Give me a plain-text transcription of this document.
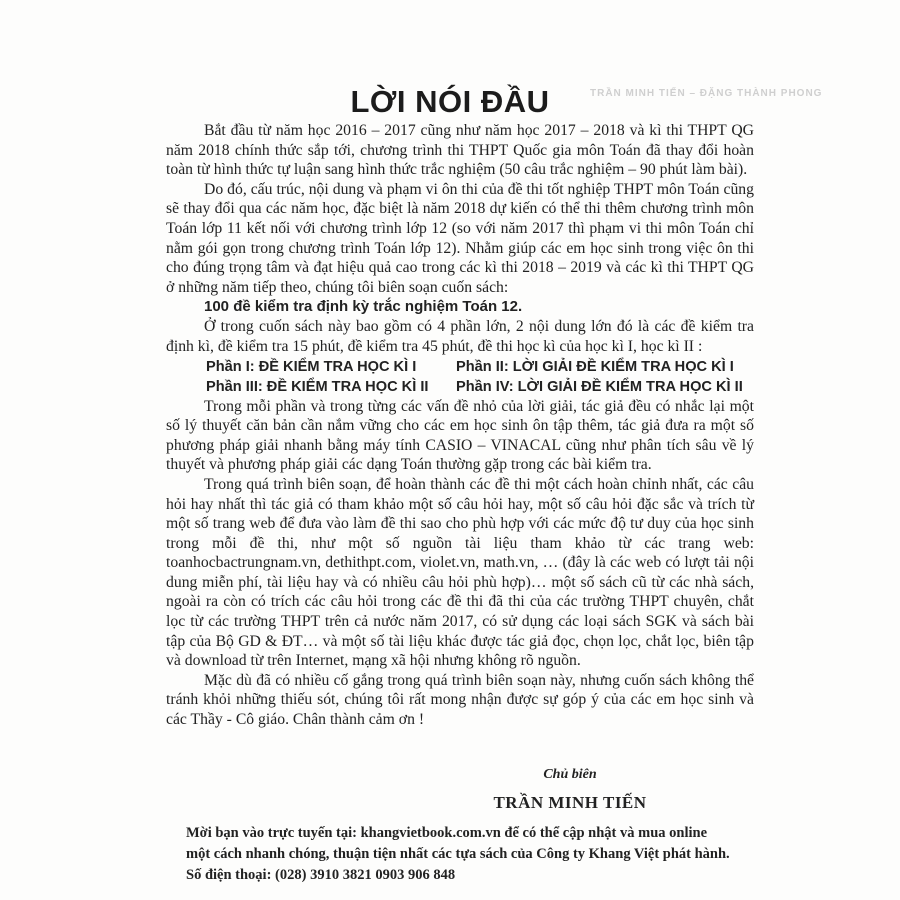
TRẦN MINH TIẾN – ĐẶNG THÀNH PHONG
LỜI NÓI ĐẦU

Bắt đầu từ năm học 2016 – 2017 cũng như năm học 2017 – 2018 và kì thi THPT QG năm 2018 chính thức sắp tới, chương trình thi THPT Quốc gia môn Toán đã thay đổi hoàn toàn từ hình thức tự luận sang hình thức trắc nghiệm (50 câu trắc nghiệm – 90 phút làm bài).

Do đó, cấu trúc, nội dung và phạm vi ôn thi của đề thi tốt nghiệp THPT môn Toán cũng sẽ thay đổi qua các năm học, đặc biệt là năm 2018 dự kiến có thể thi thêm chương trình môn Toán lớp 11 kết nối với chương trình lớp 12 (so với năm 2017 thì phạm vi thi môn Toán chỉ nằm gói gọn trong chương trình Toán lớp 12). Nhằm giúp các em học sinh trong việc ôn thi cho đúng trọng tâm và đạt hiệu quả cao trong các kì thi 2018 – 2019 và các kì thi THPT QG ở những năm tiếp theo, chúng tôi biên soạn cuốn sách:

100 đề kiểm tra định kỳ trắc nghiệm Toán 12.

Ở trong cuốn sách này bao gồm có 4 phần lớn, 2 nội dung lớn đó là các đề kiểm tra định kì, đề kiểm tra 15 phút, đề kiểm tra 45 phút, đề thi học kì của học kì I, học kì II :

Phần I: ĐỀ KIỂM TRA HỌC KÌ I	Phần II: LỜI GIẢI ĐỀ KIỂM TRA HỌC KÌ I
Phần III: ĐỀ KIỂM TRA HỌC KÌ II	Phần IV: LỜI GIẢI ĐỀ KIỂM TRA HỌC KÌ II

Trong mỗi phần và trong từng các vấn đề nhỏ của lời giải, tác giả đều có nhắc lại một số lý thuyết căn bản cần nắm vững cho các em học sinh ôn tập thêm, tác giả đưa ra một số phương pháp giải nhanh bằng máy tính CASIO – VINACAL cũng như phân tích sâu về lý thuyết và phương pháp giải các dạng Toán thường gặp trong các bài kiểm tra.

Trong quá trình biên soạn, để hoàn thành các đề thi một cách hoàn chỉnh nhất, các câu hỏi hay nhất thì tác giả có tham khảo một số câu hỏi hay, một số câu hỏi đặc sắc và trích từ một số trang web để đưa vào làm đề thi sao cho phù hợp với các mức độ tư duy của học sinh trong mỗi đề thi, như một số nguồn tài liệu tham khảo từ các trang web: toanhocbactrungnam.vn, dethithpt.com, violet.vn, math.vn, … (đây là các web có lượt tải nội dung miễn phí, tài liệu hay và có nhiều câu hỏi phù hợp)… một số sách cũ từ các nhà sách, ngoài ra còn có trích các câu hỏi trong các đề thi đã thi của các trường THPT chuyên, chắt lọc từ các trường THPT trên cả nước năm 2017, có sử dụng các loại sách SGK và sách bài tập của Bộ GD & ĐT… và một số tài liệu khác được tác giả đọc, chọn lọc, chắt lọc, biên tập và download từ trên Internet, mạng xã hội nhưng không rõ nguồn.

Mặc dù đã có nhiều cố gắng trong quá trình biên soạn này, nhưng cuốn sách không thể tránh khỏi những thiếu sót, chúng tôi rất mong nhận được sự góp ý của các em học sinh và các Thầy - Cô giáo. Chân thành cảm ơn !

Chủ biên
TRẦN MINH TIẾN
Mời bạn vào trực tuyến tại: khangvietbook.com.vn để có thể cập nhật và mua online
một cách nhanh chóng, thuận tiện nhất các tựa sách của Công ty Khang Việt phát hành.
Số điện thoại: (028) 3910 3821 0903 906 848
